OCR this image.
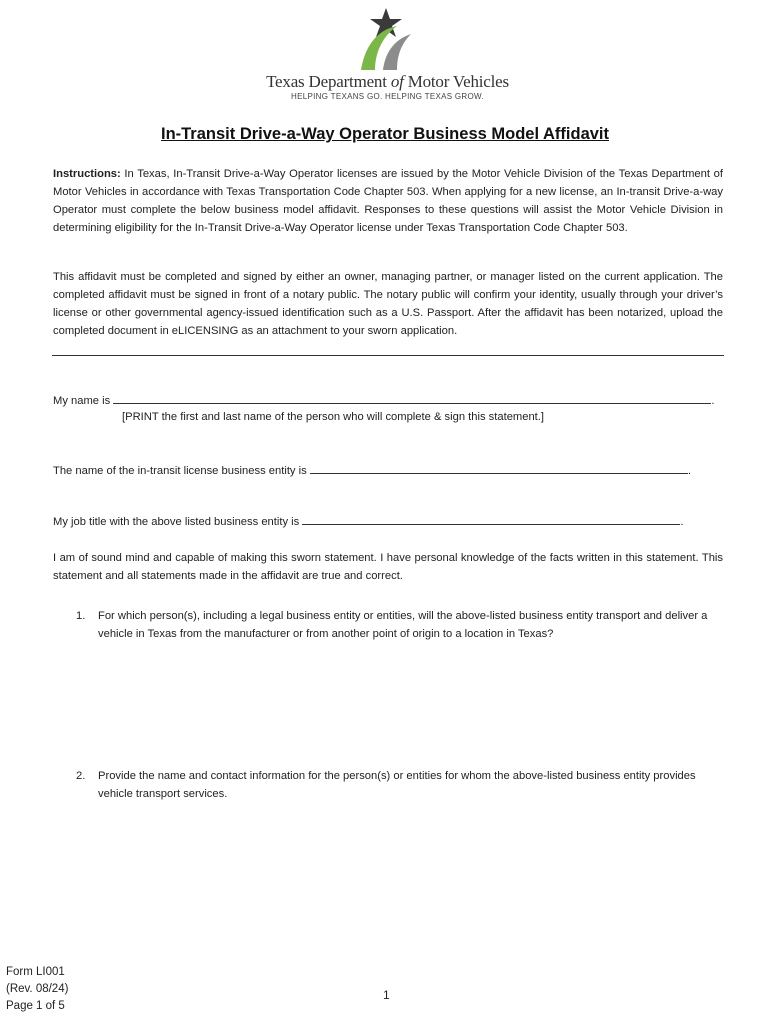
Texas Department of Motor Vehicles
HELPING TEXANS GO. HELPING TEXAS GROW.
In-Transit Drive-a-Way Operator Business Model Affidavit
Instructions: In Texas, In-Transit Drive-a-Way Operator licenses are issued by the Motor Vehicle Division of the Texas Department of Motor Vehicles in accordance with Texas Transportation Code Chapter 503. When applying for a new license, an In-transit Drive-a-way Operator must complete the below business model affidavit. Responses to these questions will assist the Motor Vehicle Division in determining eligibility for the In-Transit Drive-a-Way Operator license under Texas Transportation Code Chapter 503.
This affidavit must be completed and signed by either an owner, managing partner, or manager listed on the current application. The completed affidavit must be signed in front of a notary public. The notary public will confirm your identity, usually through your driver’s license or other governmental agency-issued identification such as a U.S. Passport. After the affidavit has been notarized, upload the completed document in eLICENSING as an attachment to your sworn application.
My name is	.
[PRINT the first and last name of the person who will complete & sign this statement.]
The name of the in-transit license business entity is	.
My job title with the above listed business entity is	.
I am of sound mind and capable of making this sworn statement. I have personal knowledge of the facts written in this statement. This statement and all statements made in the affidavit are true and correct.
1. For which person(s), including a legal business entity or entities, will the above-listed business entity transport and deliver a vehicle in Texas from the manufacturer or from another point of origin to a location in Texas?
2. Provide the name and contact information for the person(s) or entities for whom the above-listed business entity provides vehicle transport services.
Form LI001
(Rev. 08/24)
Page 1 of 5
1
